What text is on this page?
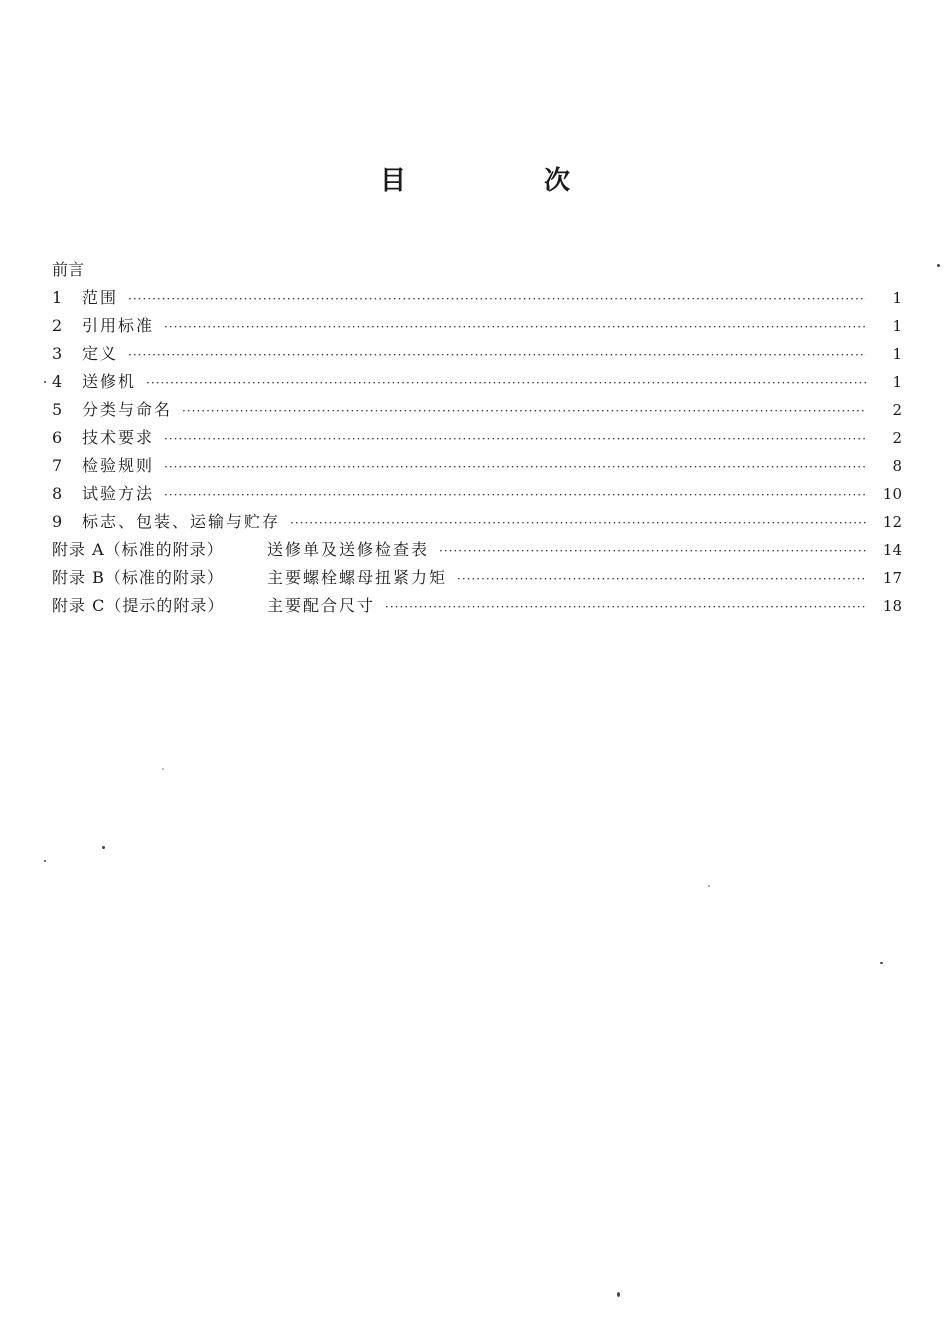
目　次
前言
1	范围 ·····	1
2	引用标准 ·····	1
3	定义 ·····	1
4	送修机 ·····	1
5	分类与命名 ·····	2
6	技术要求 ·····	2
7	检验规则 ·····	8
8	试验方法 ·····	10
9	标志、包装、运输与贮存 ·····	12
附录 A（标准的附录）	送修单及送修检查表 ·····	14
附录 B（标准的附录）	主要螺栓螺母扭紧力矩 ·····	17
附录 C（提示的附录）	主要配合尺寸 ·····	18
